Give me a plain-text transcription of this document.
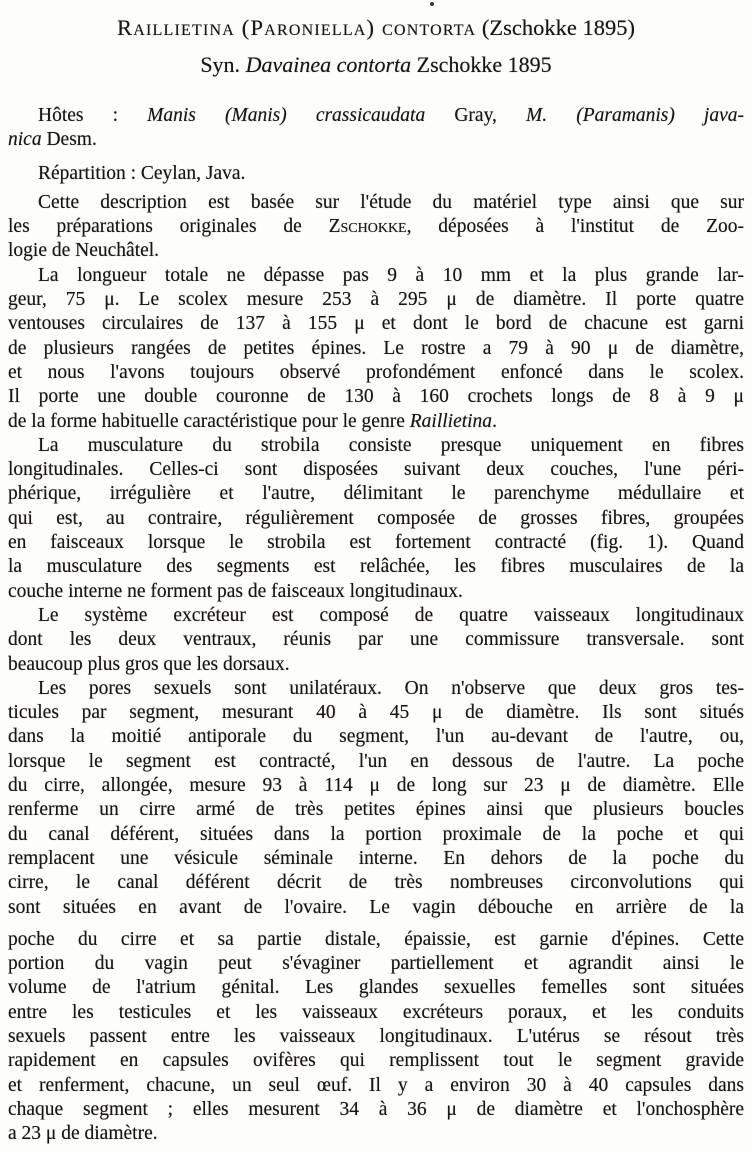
Raillietina (Paroniella) contorta (Zschokke 1895)
Syn. Davainea contorta Zschokke 1895
Hôtes : Manis (Manis) crassicaudata Gray, M. (Paramanis) java-
nica Desm.
Répartition : Ceylan, Java.
Cette description est basée sur l'étude du matériel type ainsi que sur
les préparations originales de Zschokke, déposées à l'institut de Zoo-
logie de Neuchâtel.
La longueur totale ne dépasse pas 9 à 10 mm et la plus grande lar-
geur, 75 μ. Le scolex mesure 253 à 295 μ de diamètre. Il porte quatre
ventouses circulaires de 137 à 155 μ et dont le bord de chacune est garni
de plusieurs rangées de petites épines. Le rostre a 79 à 90 μ de diamètre,
et nous l'avons toujours observé profondément enfoncé dans le scolex.
Il porte une double couronne de 130 à 160 crochets longs de 8 à 9 μ
de la forme habituelle caractéristique pour le genre Raillietina.
La musculature du strobila consiste presque uniquement en fibres
longitudinales. Celles-ci sont disposées suivant deux couches, l'une péri-
phérique, irrégulière et l'autre, délimitant le parenchyme médullaire et
qui est, au contraire, régulièrement composée de grosses fibres, groupées
en faisceaux lorsque le strobila est fortement contracté (fig. 1). Quand
la musculature des segments est relâchée, les fibres musculaires de la
couche interne ne forment pas de faisceaux longitudinaux.
Le système excréteur est composé de quatre vaisseaux longitudinaux
dont les deux ventraux, réunis par une commissure transversale. sont
beaucoup plus gros que les dorsaux.
Les pores sexuels sont unilatéraux. On n'observe que deux gros tes-
ticules par segment, mesurant 40 à 45 μ de diamètre. Ils sont situés
dans la moitié antiporale du segment, l'un au-devant de l'autre, ou,
lorsque le segment est contracté, l'un en dessous de l'autre. La poche
du cirre, allongée, mesure 93 à 114 μ de long sur 23 μ de diamètre. Elle
renferme un cirre armé de très petites épines ainsi que plusieurs boucles
du canal déférent, situées dans la portion proximale de la poche et qui
remplacent une vésicule séminale interne. En dehors de la poche du
cirre, le canal déférent décrit de très nombreuses circonvolutions qui
sont situées en avant de l'ovaire. Le vagin débouche en arrière de la
poche du cirre et sa partie distale, épaissie, est garnie d'épines. Cette
portion du vagin peut s'évaginer partiellement et agrandit ainsi le
volume de l'atrium génital. Les glandes sexuelles femelles sont situées
entre les testicules et les vaisseaux excréteurs poraux, et les conduits
sexuels passent entre les vaisseaux longitudinaux. L'utérus se résout très
rapidement en capsules ovifères qui remplissent tout le segment gravide
et renferment, chacune, un seul œuf. Il y a environ 30 à 40 capsules dans
chaque segment ; elles mesurent 34 à 36 μ de diamètre et l'onchosphère
a 23 μ de diamètre.
